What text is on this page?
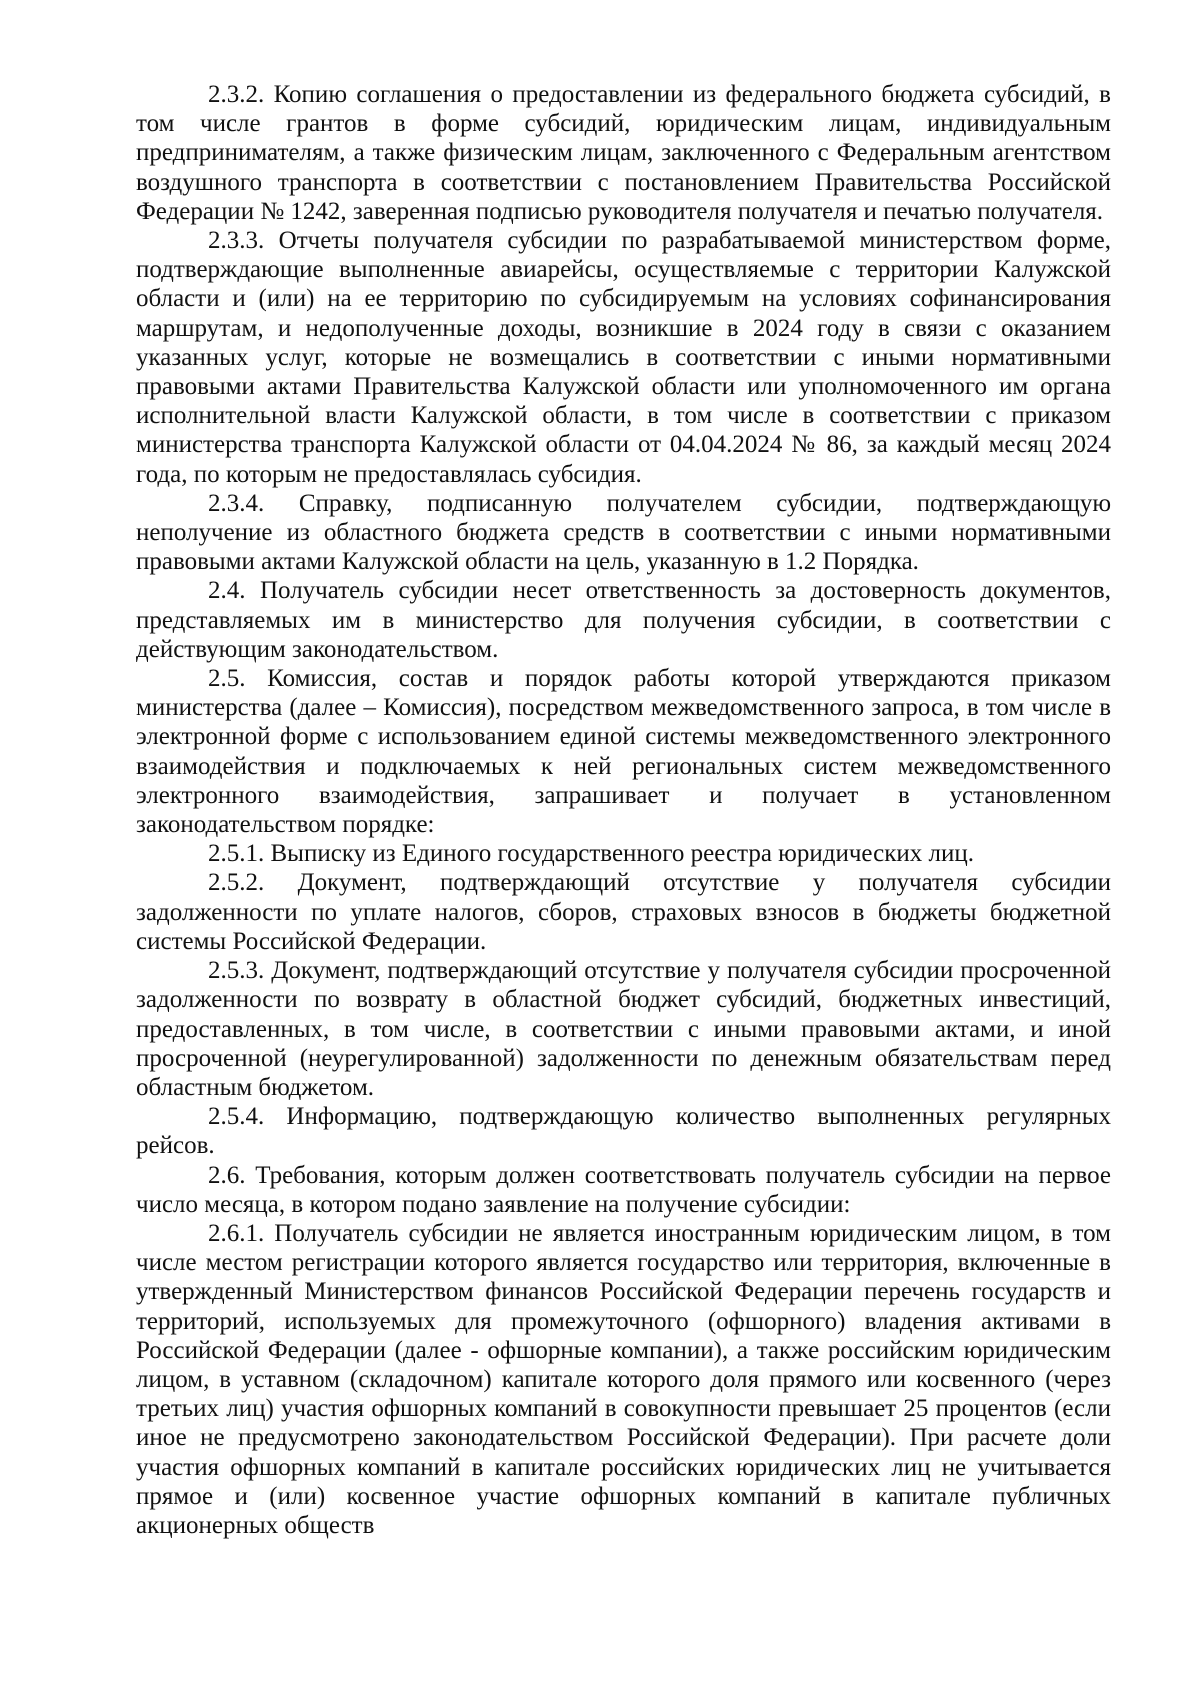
2.3.2. Копию соглашения о предоставлении из федерального бюджета субсидий, в том числе грантов в форме субсидий, юридическим лицам, индивидуальным предпринимателям, а также физическим лицам, заключенного с Федеральным агентством воздушного транспорта в соответствии с постановлением Правительства Российской Федерации № 1242, заверенная подписью руководителя получателя и печатью получателя.

2.3.3. Отчеты получателя субсидии по разрабатываемой министерством форме, подтверждающие выполненные авиарейсы, осуществляемые с территории Калужской области и (или) на ее территорию по субсидируемым на условиях софинансирования маршрутам, и недополученные доходы, возникшие в 2024 году в связи с оказанием указанных услуг, которые не возмещались в соответствии с иными нормативными правовыми актами Правительства Калужской области или уполномоченного им органа исполнительной власти Калужской области, в том числе в соответствии с приказом министерства транспорта Калужской области от 04.04.2024 № 86, за каждый месяц 2024 года, по которым не предоставлялась субсидия.

2.3.4. Справку, подписанную получателем субсидии, подтверждающую неполучение из областного бюджета средств в соответствии с иными нормативными правовыми актами Калужской области на цель, указанную в 1.2 Порядка.

2.4. Получатель субсидии несет ответственность за достоверность документов, представляемых им в министерство для получения субсидии, в соответствии с действующим законодательством.

2.5. Комиссия, состав и порядок работы которой утверждаются приказом министерства (далее – Комиссия), посредством межведомственного запроса, в том числе в электронной форме с использованием единой системы межведомственного электронного взаимодействия и подключаемых к ней региональных систем межведомственного электронного взаимодействия, запрашивает и получает в установленном законодательством порядке:

2.5.1. Выписку из Единого государственного реестра юридических лиц.

2.5.2. Документ, подтверждающий отсутствие у получателя субсидии задолженности по уплате налогов, сборов, страховых взносов в бюджеты бюджетной системы Российской Федерации.

2.5.3. Документ, подтверждающий отсутствие у получателя субсидии просроченной задолженности по возврату в областной бюджет субсидий, бюджетных инвестиций, предоставленных, в том числе, в соответствии с иными правовыми актами, и иной просроченной (неурегулированной) задолженности по денежным обязательствам перед областным бюджетом.

2.5.4. Информацию, подтверждающую количество выполненных регулярных рейсов.

2.6. Требования, которым должен соответствовать получатель субсидии на первое число месяца, в котором подано заявление на получение субсидии:

2.6.1. Получатель субсидии не является иностранным юридическим лицом, в том числе местом регистрации которого является государство или территория, включенные в утвержденный Министерством финансов Российской Федерации перечень государств и территорий, используемых для промежуточного (офшорного) владения активами в Российской Федерации (далее - офшорные компании), а также российским юридическим лицом, в уставном (складочном) капитале которого доля прямого или косвенного (через третьих лиц) участия офшорных компаний в совокупности превышает 25 процентов (если иное не предусмотрено законодательством Российской Федерации). При расчете доли участия офшорных компаний в капитале российских юридических лиц не учитывается прямое и (или) косвенное участие офшорных компаний в капитале публичных акционерных обществ
